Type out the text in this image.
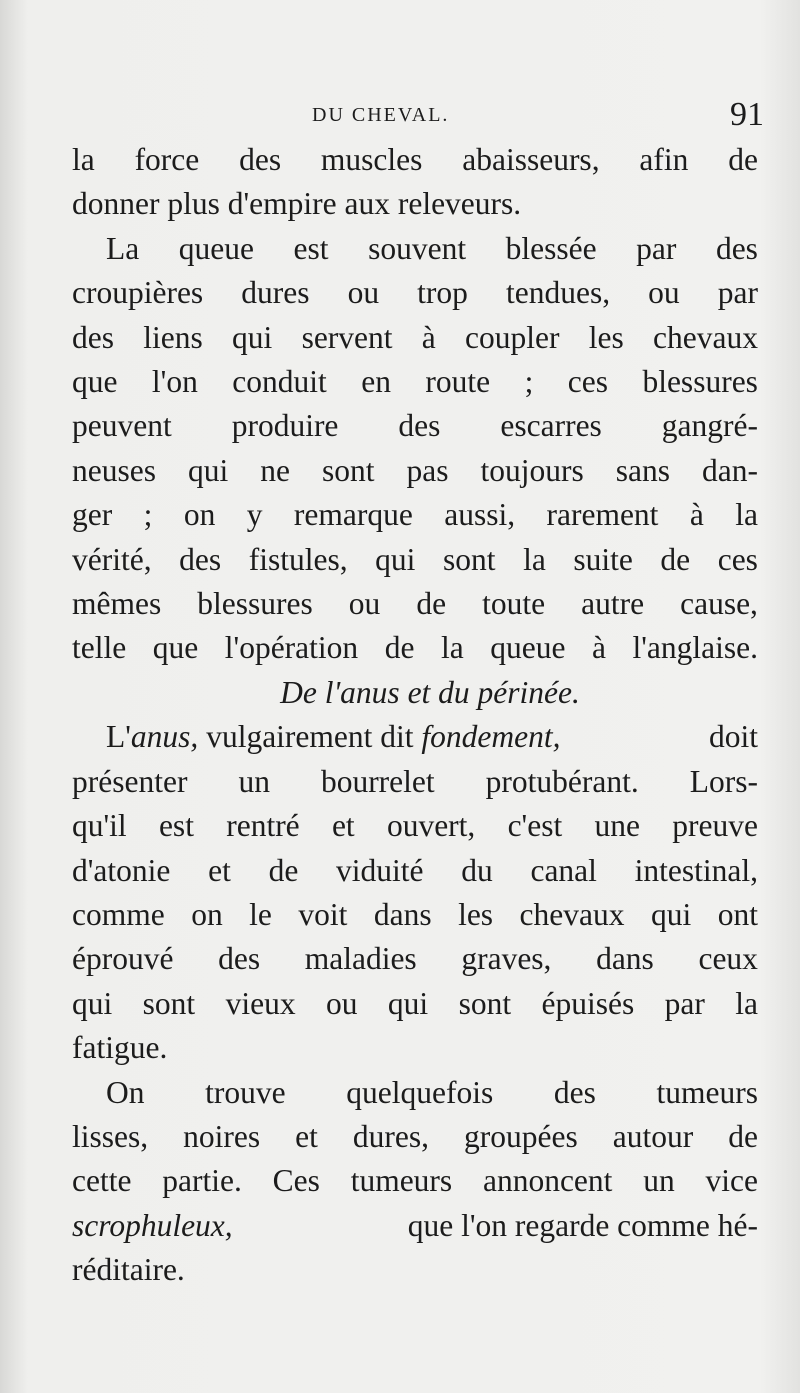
DU CHEVAL.	91
la force des muscles abaisseurs, afin de
donner plus d'empire aux releveurs.
La queue est souvent blessée par des
croupières dures ou trop tendues, ou par
des liens qui servent à coupler les chevaux
que l'on conduit en route ; ces blessures
peuvent produire des escarres gangré-
neuses qui ne sont pas toujours sans dan-
ger ; on y remarque aussi, rarement à la
vérité, des fistules, qui sont la suite de ces
mêmes blessures ou de toute autre cause,
telle que l'opération de la queue à l'anglaise.
De l'anus et du périnée.
L' anus, vulgairement dit fondement,	doit
présenter un bourrelet protubérant. Lors-
qu'il est rentré et ouvert, c'est une preuve
d'atonie et de viduité du canal intestinal,
comme on le voit dans les chevaux qui ont
éprouvé des maladies graves, dans ceux
qui sont vieux ou qui sont épuisés par la
fatigue.
On trouve quelquefois des tumeurs
lisses, noires et dures, groupées autour de
cette partie. Ces tumeurs annoncent un vice
scrophuleux,	que l'on regarde comme hé-
réditaire.
